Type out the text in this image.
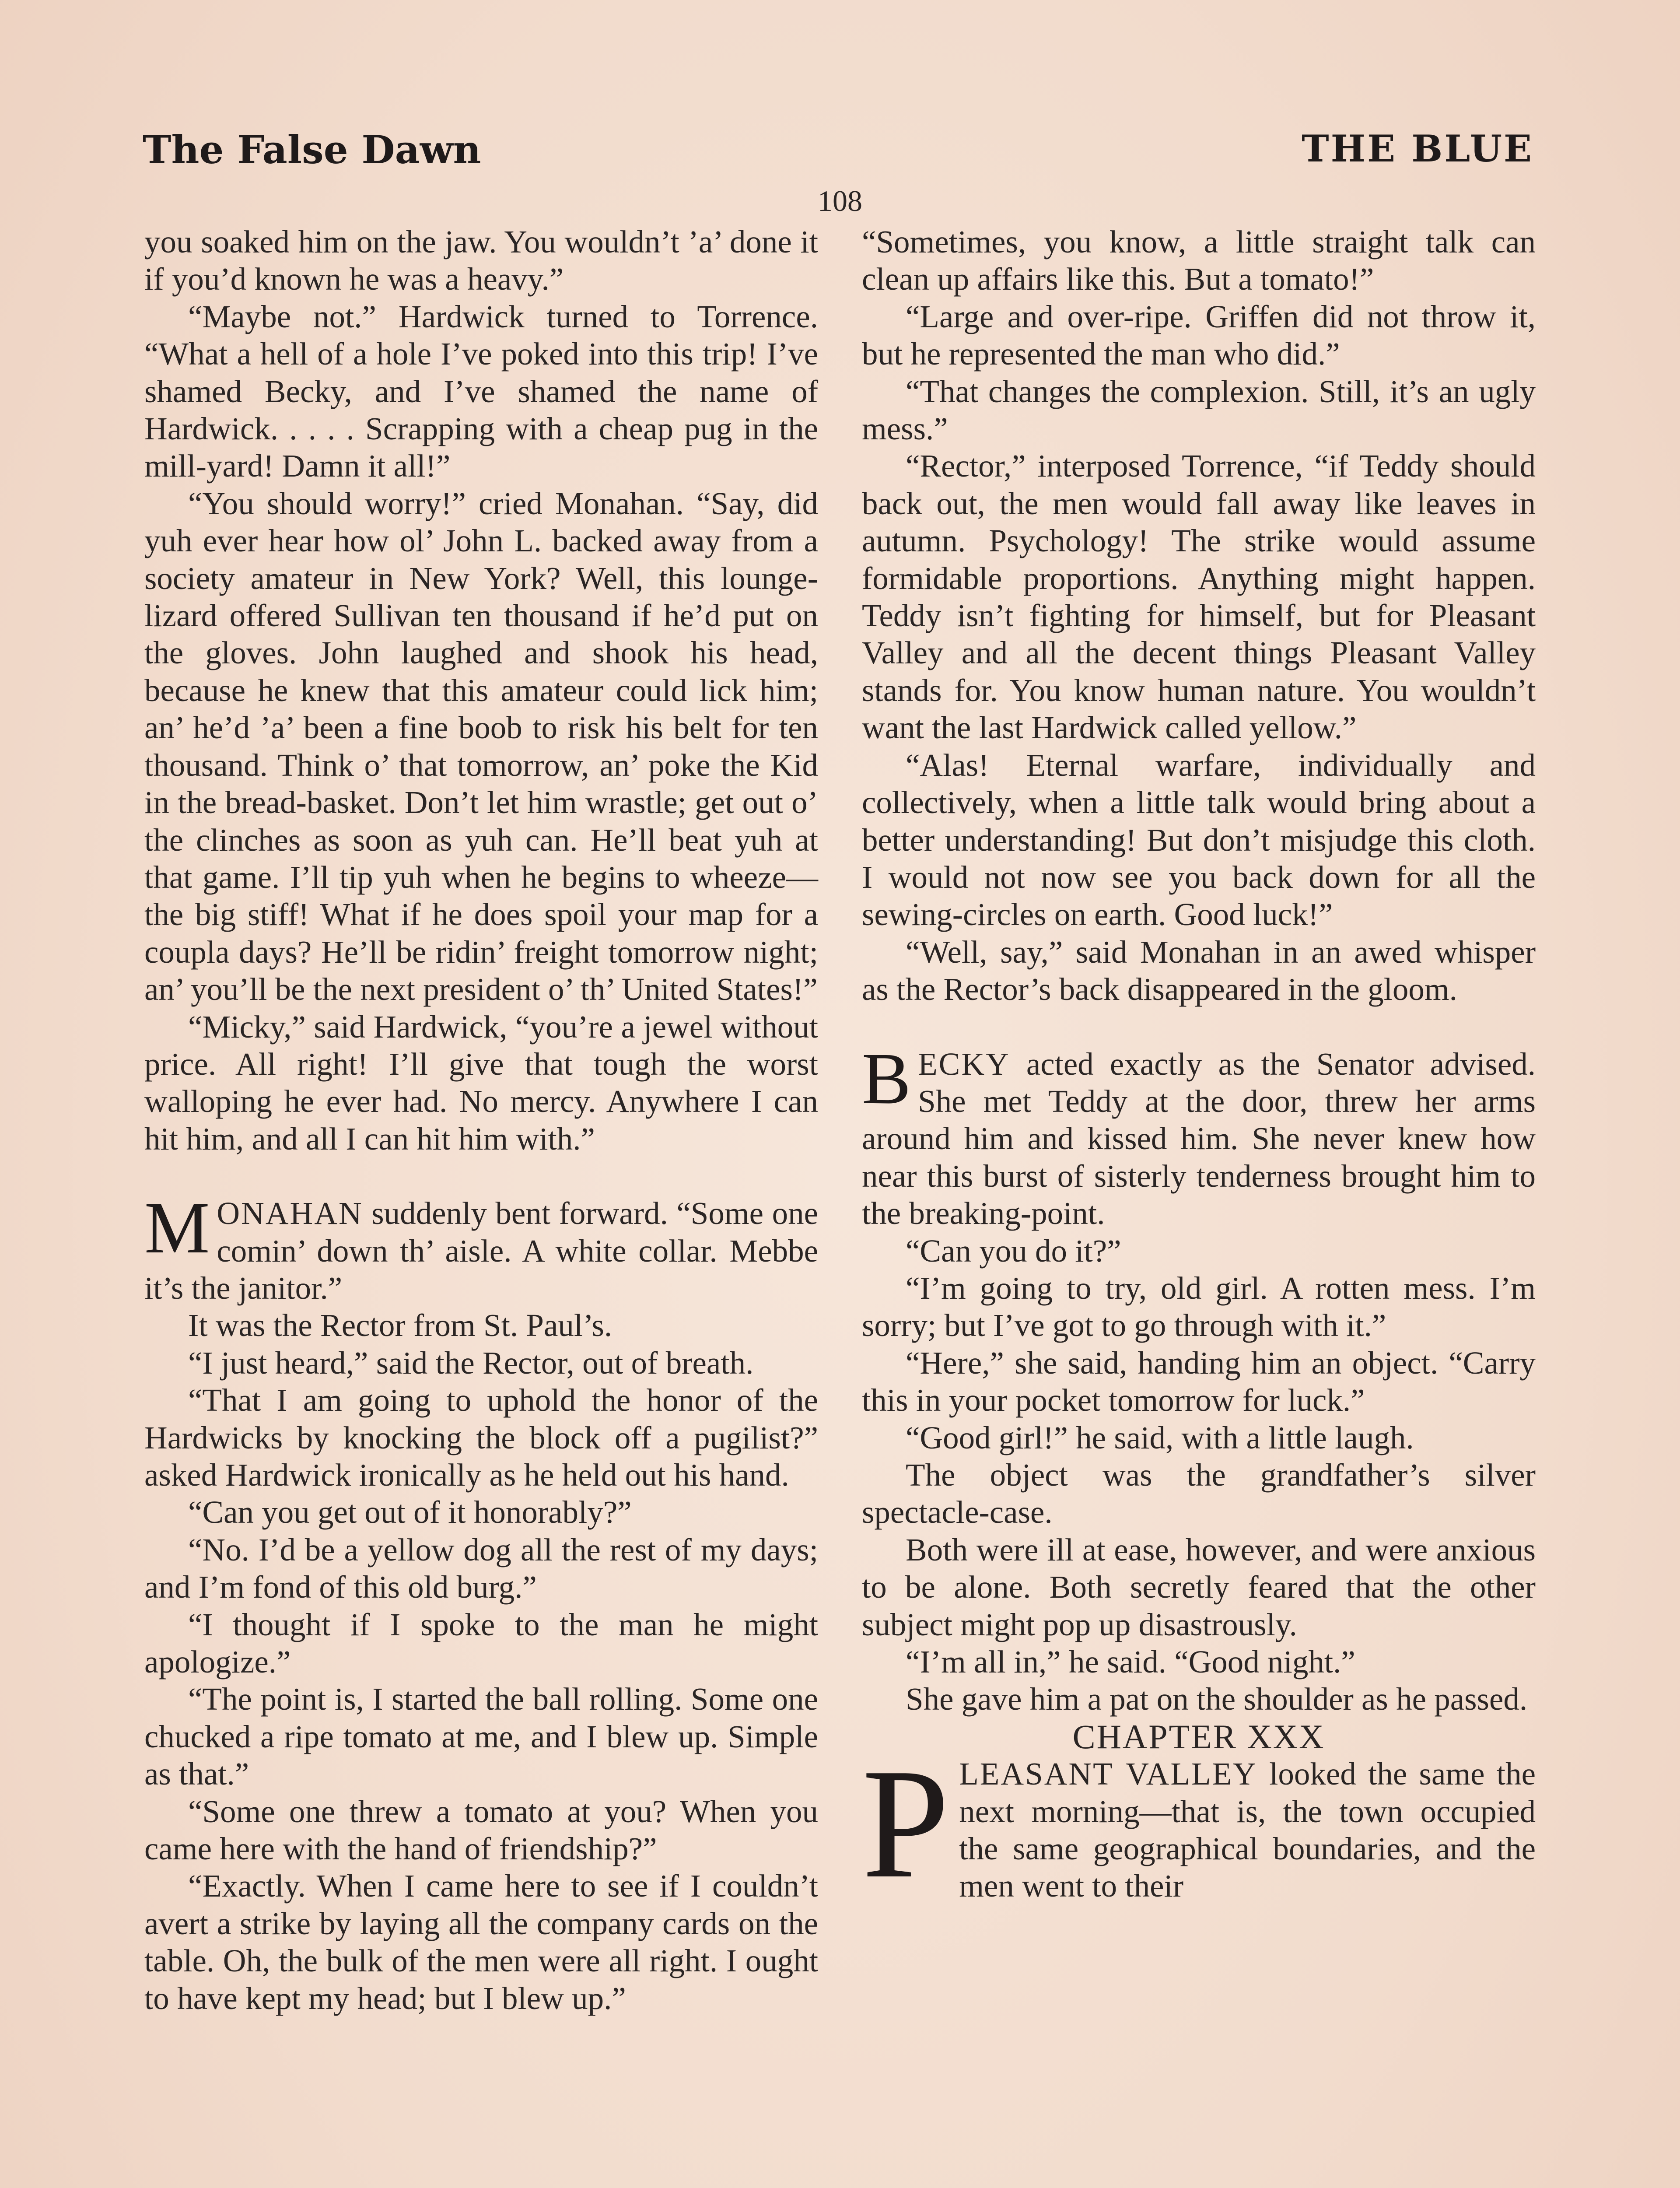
The False Dawn	THE BLUE
108

you soaked him on the jaw. You wouldn’t ’a’ done it if you’d known he was a heavy.”

“Maybe not.” Hardwick turned to Torrence. “What a hell of a hole I’ve poked into this trip! I’ve shamed Becky, and I’ve shamed the name of Hardwick. . . . . Scrapping with a cheap pug in the mill-yard! Damn it all!”

“You should worry!” cried Monahan. “Say, did yuh ever hear how ol’ John L. backed away from a society amateur in New York? Well, this lounge-lizard offered Sullivan ten thousand if he’d put on the gloves. John laughed and shook his head, because he knew that this amateur could lick him; an’ he’d ’a’ been a fine boob to risk his belt for ten thousand. Think o’ that tomorrow, an’ poke the Kid in the bread-basket. Don’t let him wrastle; get out o’ the clinches as soon as yuh can. He’ll beat yuh at that game. I’ll tip yuh when he begins to wheeze—the big stiff! What if he does spoil your map for a coupla days? He’ll be ridin’ freight tomorrow night; an’ you’ll be the next president o’ th’ United States!”

“Micky,” said Hardwick, “you’re a jewel without price. All right! I’ll give that tough the worst walloping he ever had. No mercy. Anywhere I can hit him, and all I can hit him with.”

MONAHAN suddenly bent forward. “Some one comin’ down th’ aisle. A white collar. Mebbe it’s the janitor.”

It was the Rector from St. Paul’s.

“I just heard,” said the Rector, out of breath.

“That I am going to uphold the honor of the Hardwicks by knocking the block off a pugilist?” asked Hardwick ironically as he held out his hand.

“Can you get out of it honorably?”

“No. I’d be a yellow dog all the rest of my days; and I’m fond of this old burg.”

“I thought if I spoke to the man he might apologize.”

“The point is, I started the ball rolling. Some one chucked a ripe tomato at me, and I blew up. Simple as that.”

“Some one threw a tomato at you? When you came here with the hand of friendship?”

“Exactly. When I came here to see if I couldn’t avert a strike by laying all the company cards on the table. Oh, the bulk of the men were all right. I ought to have kept my head; but I blew up.”

“Sometimes, you know, a little straight talk can clean up affairs like this. But a tomato!”

“Large and over-ripe. Griffen did not throw it, but he represented the man who did.”

“That changes the complexion. Still, it’s an ugly mess.”

“Rector,” interposed Torrence, “if Teddy should back out, the men would fall away like leaves in autumn. Psychology! The strike would assume formidable proportions. Anything might happen. Teddy isn’t fighting for himself, but for Pleasant Valley and all the decent things Pleasant Valley stands for. You know human nature. You wouldn’t want the last Hardwick called yellow.”

“Alas! Eternal warfare, individually and collectively, when a little talk would bring about a better understanding! But don’t misjudge this cloth. I would not now see you back down for all the sewing-circles on earth. Good luck!”

“Well, say,” said Monahan in an awed whisper as the Rector’s back disappeared in the gloom.

BECKY acted exactly as the Senator advised. She met Teddy at the door, threw her arms around him and kissed him. She never knew how near this burst of sisterly tenderness brought him to the breaking-point.

“Can you do it?”

“I’m going to try, old girl. A rotten mess. I’m sorry; but I’ve got to go through with it.”

“Here,” she said, handing him an object. “Carry this in your pocket tomorrow for luck.”

“Good girl!” he said, with a little laugh.

The object was the grandfather’s silver spectacle-case.

Both were ill at ease, however, and were anxious to be alone. Both secretly feared that the other subject might pop up disastrously.

“I’m all in,” he said. “Good night.”

She gave him a pat on the shoulder as he passed.

CHAPTER XXX

PLEASANT VALLEY looked the same the next morning—that is, the town occupied the same geographical boundaries, and the men went to their
